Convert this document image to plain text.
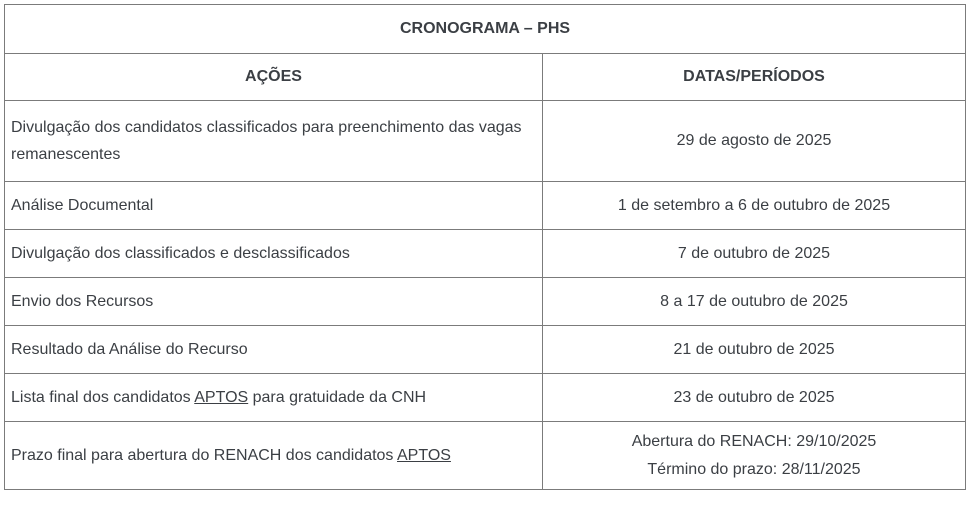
CRONOGRAMA – PHS	
AÇÕES	DATAS/PERÍODOS
Divulgação dos candidatos classificados para preenchimento das vagas remanescentes	29 de agosto de 2025

Análise Documental	1 de setembro a 6 de outubro de 2025

Divulgação dos classificados e desclassificados	7 de outubro de 2025

Envio dos Recursos	8 a 17 de outubro de 2025

Resultado da Análise do Recurso	21 de outubro de 2025

Lista final dos candidatos APTOS para gratuidade da CNH	23 de outubro de 2025

Prazo final para abertura do RENACH dos candidatos APTOS	Abertura do RENACH: 29/10/2025
Término do prazo: 28/11/2025
